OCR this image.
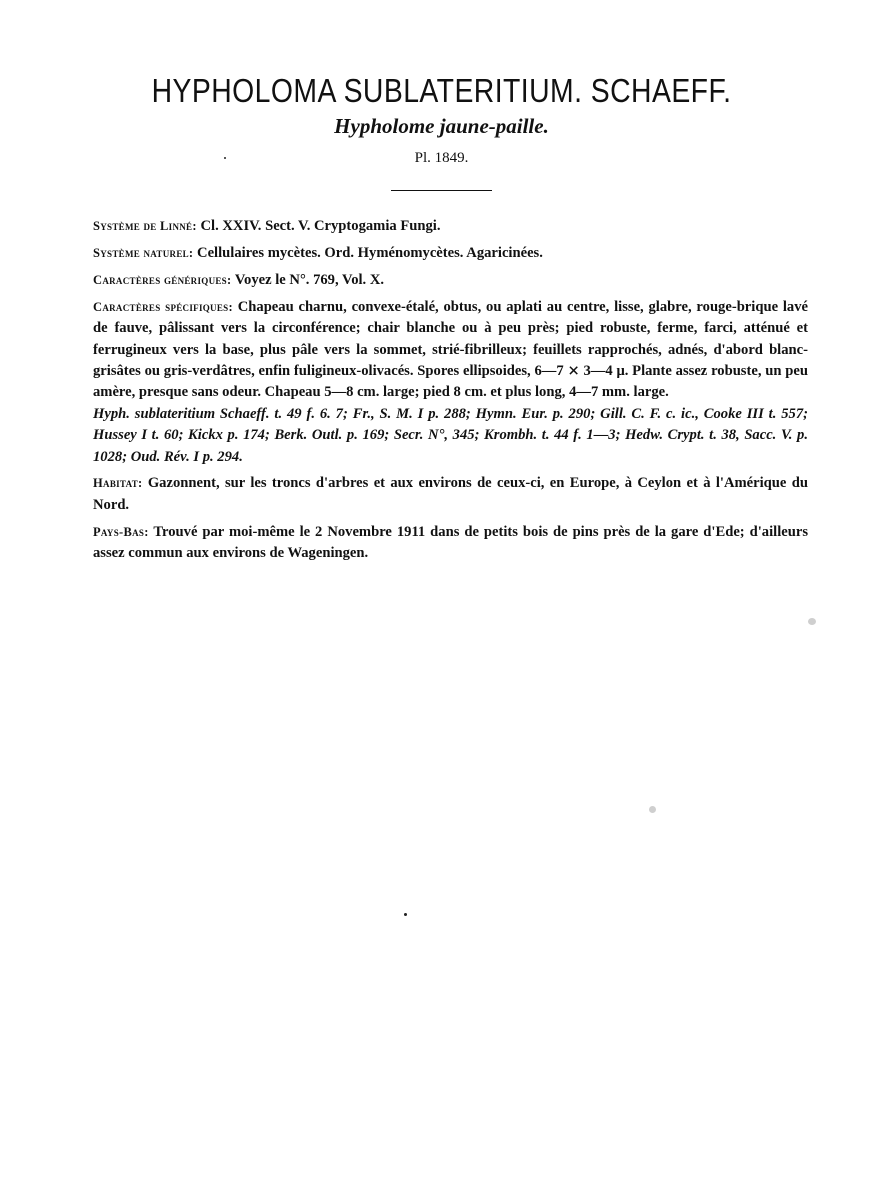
HYPHOLOMA SUBLATERITIUM. SCHAEFF.
Hypholome jaune-paille.
Pl. 1849.

Système de Linné: Cl. XXIV. Sect. V. Cryptogamia Fungi.

Système naturel: Cellulaires mycètes. Ord. Hyménomycètes. Agaricinées.

Caractères génériques: Voyez le N°. 769, Vol. X.

Caractères spécifiques: Chapeau charnu, convexe-étalé, obtus, ou aplati au centre, lisse, glabre, rouge-brique lavé de fauve, pâlissant vers la circonférence; chair blanche ou à peu près; pied robuste, ferme, farci, atténué et ferrugineux vers la base, plus pâle vers la sommet, strié-fibrilleux; feuillets rapprochés, adnés, d'abord blanc-grisâtes ou gris-verdâtres, enfin fuligineux-olivacés. Spores ellipsoides, 6—7 ⨯ 3—4 μ. Plante assez robuste, un peu amère, presque sans odeur. Chapeau 5—8 cm. large; pied 8 cm. et plus long, 4—7 mm. large.

Hyph. sublateritium Schaeff. t. 49 f. 6. 7; Fr., S. M. I p. 288; Hymn. Eur. p. 290; Gill. C. F. c. ic., Cooke III t. 557; Hussey I t. 60; Kickx p. 174; Berk. Outl. p. 169; Secr. N°, 345; Krombh. t. 44 f. 1—3; Hedw. Crypt. t. 38, Sacc. V. p. 1028; Oud. Rév. I p. 294.

Habitat: Gazonnent, sur les troncs d'arbres et aux environs de ceux-ci, en Europe, à Ceylon et à l'Amérique du Nord.

Pays-Bas: Trouvé par moi-même le 2 Novembre 1911 dans de petits bois de pins près de la gare d'Ede; d'ailleurs assez commun aux environs de Wageningen.
